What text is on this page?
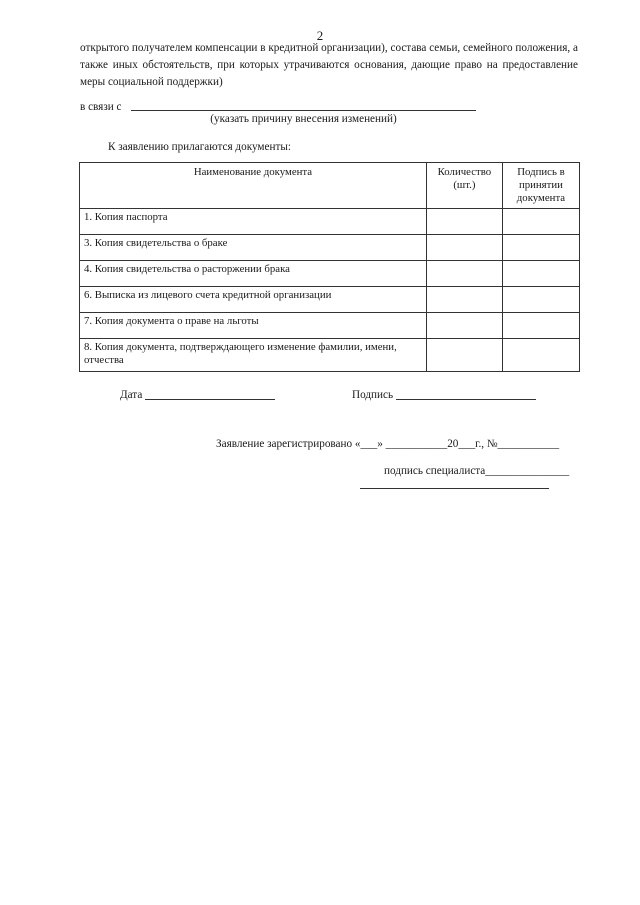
2

открытого получателем компенсации в кредитной организации), состава семьи, семейного положения, а также иных обстоятельств, при которых утрачиваются основания, дающие право на предоставление меры социальной поддержки)

в связи с
(указать причину внесения изменений)
К заявлению прилагаются документы:
Наименование документа	Количество (шт.)	Подпись в принятии документа
1. Копия паспорта		
3. Копия свидетельства о браке		
4. Копия свидетельства о расторжении брака		
6. Выписка из лицевого счета кредитной организации		
7. Копия документа о праве на льготы		
8. Копия документа, подтверждающего изменение фамилии, имени, отчества		
Дата	Подпись
Заявление зарегистрировано «___» ___________20___г., №___________
подпись специалиста_______________
